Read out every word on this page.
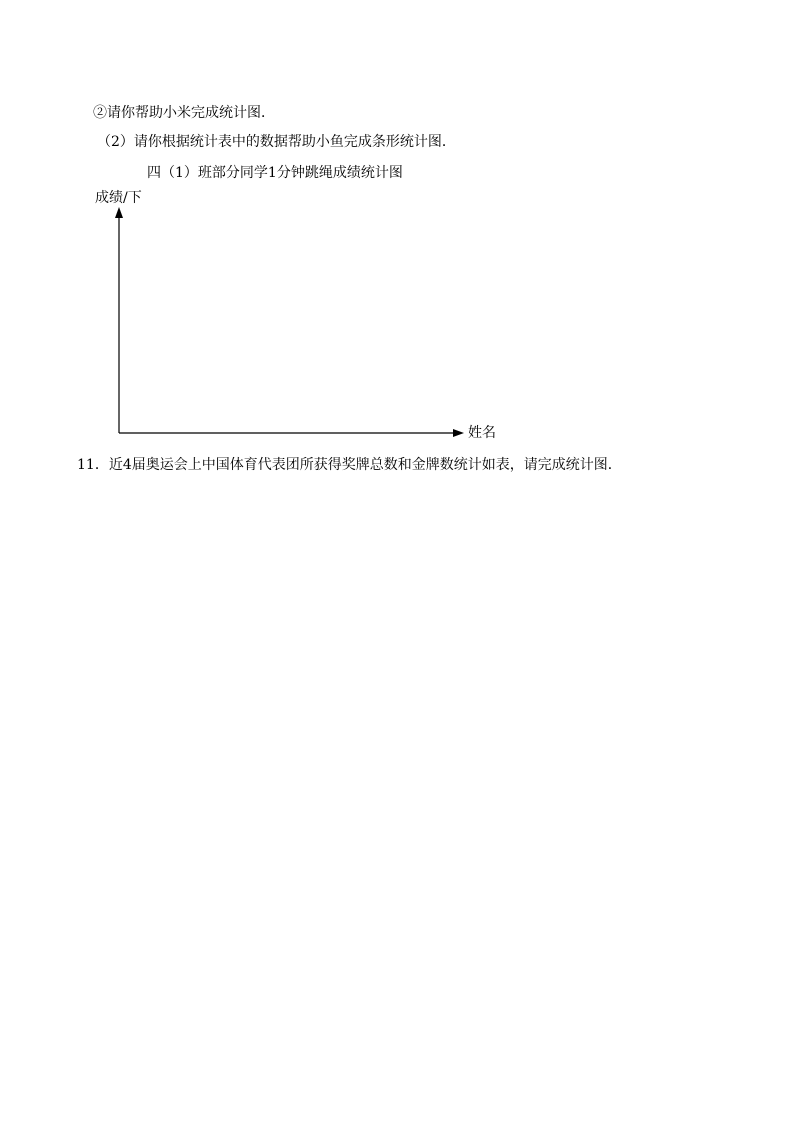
②请你帮助小米完成统计图．
（2）请你根据统计表中的数据帮助小鱼完成条形统计图．
四（1）班部分同学1分钟跳绳成绩统计图
成绩/下
姓名
11．近4届奥运会上中国体育代表团所获得奖牌总数和金牌数统计如表，请完成统计图．
